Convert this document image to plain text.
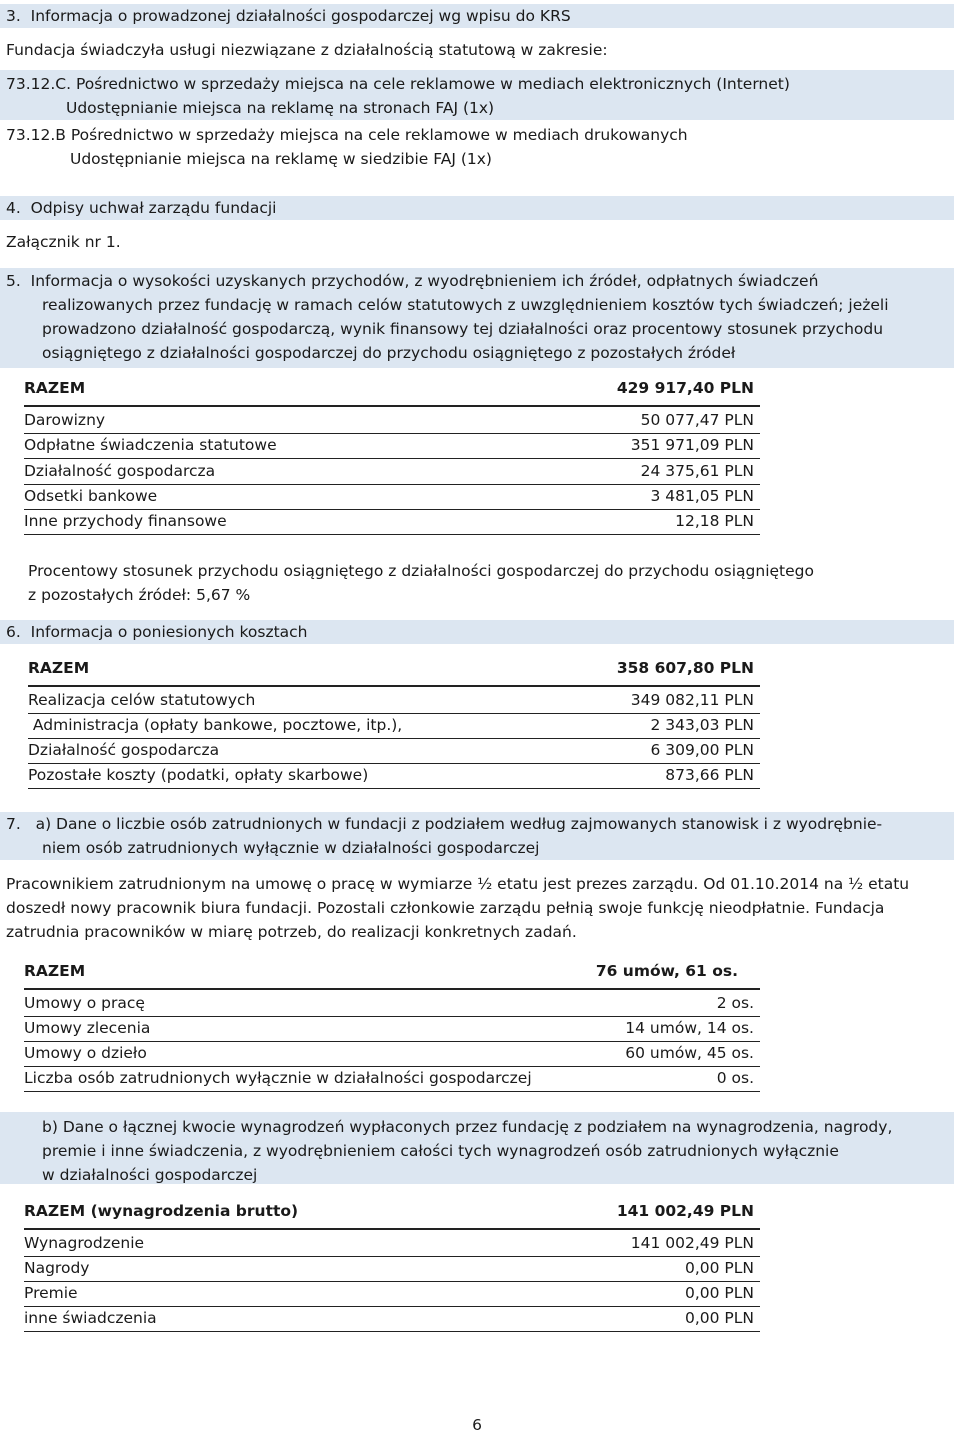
3.  Informacja o prowadzonej działalności gospodarczej wg wpisu do KRS
Fundacja świadczyła usługi niezwiązane z działalnością statutową w zakresie:
73.12.C. Pośrednictwo w sprzedaży miejsca na cele reklamowe w mediach elektronicznych (Internet)
Udostępnianie miejsca na reklamę na stronach FAJ (1x)
73.12.B Pośrednictwo w sprzedaży miejsca na cele reklamowe w mediach drukowanych
Udostępnianie miejsca na reklamę w siedzibie FAJ (1x)
4.  Odpisy uchwał zarządu fundacji
Załącznik nr 1.
5.  Informacja o wysokości uzyskanych przychodów, z wyodrębnieniem ich źródeł, odpłatnych świadczeń
realizowanych przez fundację w ramach celów statutowych z uwzględnieniem kosztów tych świadczeń; jeżeli
prowadzono działalność gospodarczą, wynik finansowy tej działalności oraz procentowy stosunek przychodu
osiągniętego z działalności gospodarczej do przychodu osiągniętego z pozostałych źródeł
RAZEM	429 917,40 PLN
Darowizny	50 077,47 PLN
Odpłatne świadczenia statutowe	351 971,09 PLN
Działalność gospodarcza	24 375,61 PLN
Odsetki bankowe	3 481,05 PLN
Inne przychody finansowe	12,18 PLN
Procentowy stosunek przychodu osiągniętego z działalności gospodarczej do przychodu osiągniętego
z pozostałych źródeł: 5,67 %
6.  Informacja o poniesionych kosztach
RAZEM	358 607,80 PLN
Realizacja celów statutowych	349 082,11 PLN
Administracja (opłaty bankowe, pocztowe, itp.),	2 343,03 PLN
Działalność gospodarcza	6 309,00 PLN
Pozostałe koszty (podatki, opłaty skarbowe)	873,66 PLN
7.   a) Dane o liczbie osób zatrudnionych w fundacji z podziałem według zajmowanych stanowisk i z wyodrębnie-
niem osób zatrudnionych wyłącznie w działalności gospodarczej
Pracownikiem zatrudnionym na umowę o pracę w wymiarze ½ etatu jest prezes zarządu. Od 01.10.2014 na ½ etatu
doszedł nowy pracownik biura fundacji. Pozostali członkowie zarządu pełnią swoje funkcję nieodpłatnie. Fundacja
zatrudnia pracowników w miarę potrzeb, do realizacji konkretnych zadań.
RAZEM	76 umów, 61 os.
Umowy o pracę	2 os.
Umowy zlecenia	14 umów, 14 os.
Umowy o dzieło	60 umów, 45 os.
Liczba osób zatrudnionych wyłącznie w działalności gospodarczej	0 os.
b) Dane o łącznej kwocie wynagrodzeń wypłaconych przez fundację z podziałem na wynagrodzenia, nagrody,
premie i inne świadczenia, z wyodrębnieniem całości tych wynagrodzeń osób zatrudnionych wyłącznie
w działalności gospodarczej
RAZEM (wynagrodzenia brutto)	141 002,49 PLN
Wynagrodzenie	141 002,49 PLN
Nagrody	0,00 PLN
Premie	0,00 PLN
inne świadczenia	0,00 PLN
6
